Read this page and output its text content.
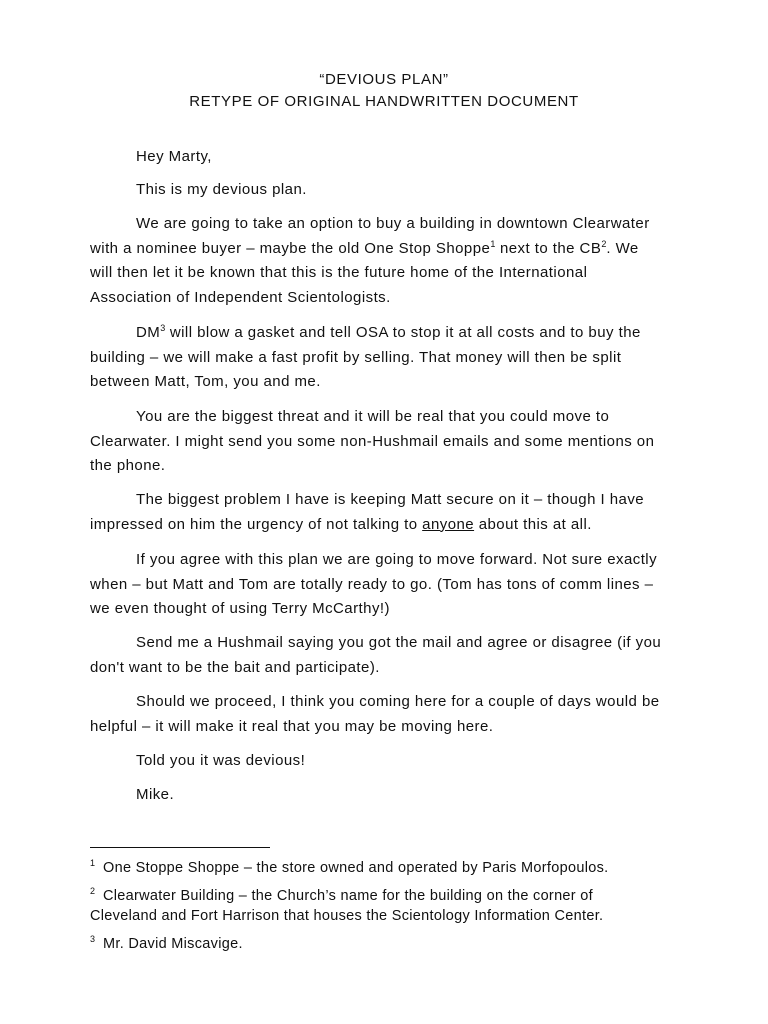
“DEVIOUS PLAN”
RETYPE OF ORIGINAL HANDWRITTEN DOCUMENT

Hey Marty,

This is my devious plan.

We are going to take an option to buy a building in downtown Clearwater
with a nominee buyer – maybe the old One Stop Shoppe$^1$ next to the $CB^2$. We
will then let it be known that this is the future home of the International
Association of Independent Scientologists.

$DM^3$ will blow a gasket and tell OSA to stop it at all costs and to buy the
building – we will make a fast profit by selling. That money will then be split
between Matt, Tom, you and me.

You are the biggest threat and it will be real that you could move to
Clearwater. I might send you some non-Hushmail emails and some mentions on
the phone.

The biggest problem I have is keeping Matt secure on it – though I have
impressed on him the urgency of not talking to anyone about this at all.

If you agree with this plan we are going to move forward. Not sure exactly
when – but Matt and Tom are totally ready to go. (Tom has tons of comm lines –
we even thought of using Terry McCarthy!)

Send me a Hushmail saying you got the mail and agree or disagree (if you
don't want to be the bait and participate).

Should we proceed, I think you coming here for a couple of days would be
helpful – it will make it real that you may be moving here.

Told you it was devious!

Mike.

$^1$ One Stoppe Shoppe – the store owned and operated by Paris Morfopoulos.

$^2$ Clearwater Building – the Church’s name for the building on the corner of
Cleveland and Fort Harrison that houses the Scientology Information Center.

$^3$ Mr. David Miscavige.
